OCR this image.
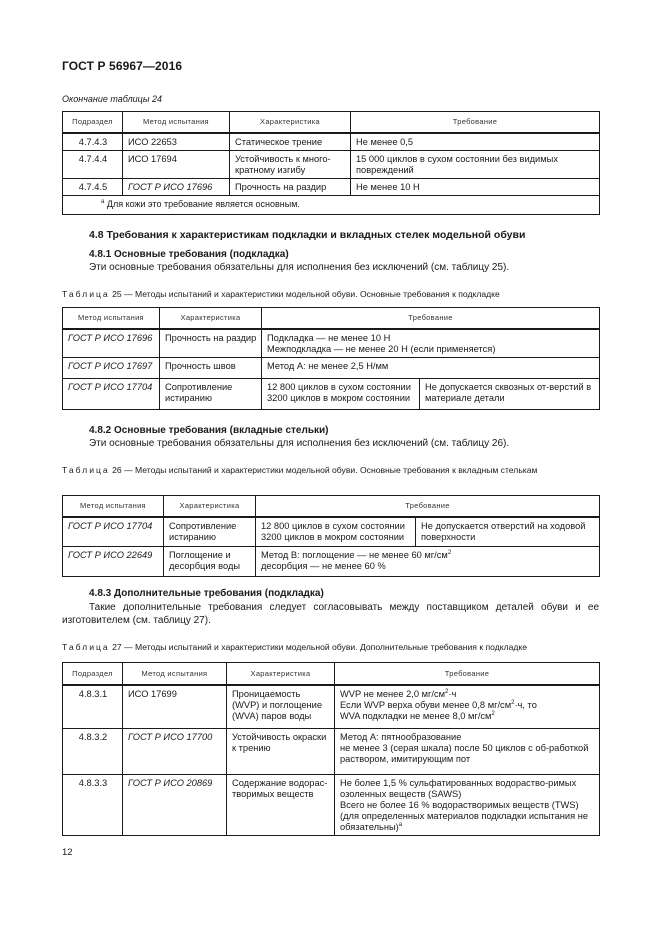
ГОСТ Р 56967—2016
Окончание таблицы 24
Подраздел	Метод испытания	Характеристика	Требование
4.7.4.3	ИСО 22653	Статическое трение	Не менее 0,5
4.7.4.4	ИСО 17694	Устойчивость к много-кратному изгибу	15 000 циклов в сухом состоянии без видимых повреждений
4.7.4.5	ГОСТ Р ИСО 17696	Прочность на раздир	Не менее 10 Н
$^a$ Для кожи это требование является основным.			
4.8 Требования к характеристикам подкладки и вкладных стелек модельной обуви
4.8.1 Основные требования (подкладка)
Эти основные требования обязательны для исполнения без исключений (см. таблицу 25).
Таблица 25 — Методы испытаний и характеристики модельной обуви. Основные требования к подкладке
Метод испытания	Характеристика	Требование	
ГОСТ Р ИСО 17696	Прочность на раздир	Подкладка — не менее 10 Н
Межподкладка — не менее 20 Н (если применяется)	

ГОСТ Р ИСО 17697	Прочность швов	Метод А: не менее 2,5 Н/мм	
ГОСТ Р ИСО 17704	Сопротивление истиранию	12 800 циклов в сухом состоянии 3200 циклов в мокром состоянии	Не допускается сквозных от-верстий в материале детали
4.8.2 Основные требования (вкладные стельки)
Эти основные требования обязательны для исполнения без исключений (см. таблицу 26).
Таблица 26 — Методы испытаний и характеристики модельной обуви. Основные требования к вкладным стелькам
Метод испытания	Характеристика	Требование	
ГОСТ Р ИСО 17704	Сопротивление истиранию	12 800 циклов в сухом состоянии 3200 циклов в мокром состоянии	Не допускается отверстий на ходовой поверхности
ГОСТ Р ИСО 22649	Поглощение и десорбция воды	Метод В: поглощение — не менее 60 $мг/см^2$
десорбция — не менее 60 %	
4.8.3 Дополнительные требования (подкладка)
Такие дополнительные требования следует согласовывать между поставщиком деталей обуви и ее изготовителем (см. таблицу 27).
Таблица 27 — Методы испытаний и характеристики модельной обуви. Дополнительные требования к подкладке
Подраздел	Метод испытания	Характеристика	Требование
4.8.3.1	ИСО 17699	Проницаемость (WVP) и поглощение (WVA) паров воды	WVP не менее 2,0 $мг/см^2\cdot ч$
Если WVP верха обуви менее 0,8 $мг/см^2\cdot ч$, то
WVA подкладки не менее 8,0 $мг/см^2$

4.8.3.2	ГОСТ Р ИСО 17700	Устойчивость окраски к трению	Метод А: пятнообразование
не менее 3 (серая шкала) после 50 циклов с об-работкой раствором, имитирующим пот

4.8.3.3	ГОСТ Р ИСО 20869	Содержание водорас-творимых веществ	Не более 1,5 % сульфатированных водораство-римых озоленных веществ (SAWS)
Всего не более 16 % водорастворимых веществ (TWS) (для определенных материалов подкладки испытания не обязательны)$^a$
12
